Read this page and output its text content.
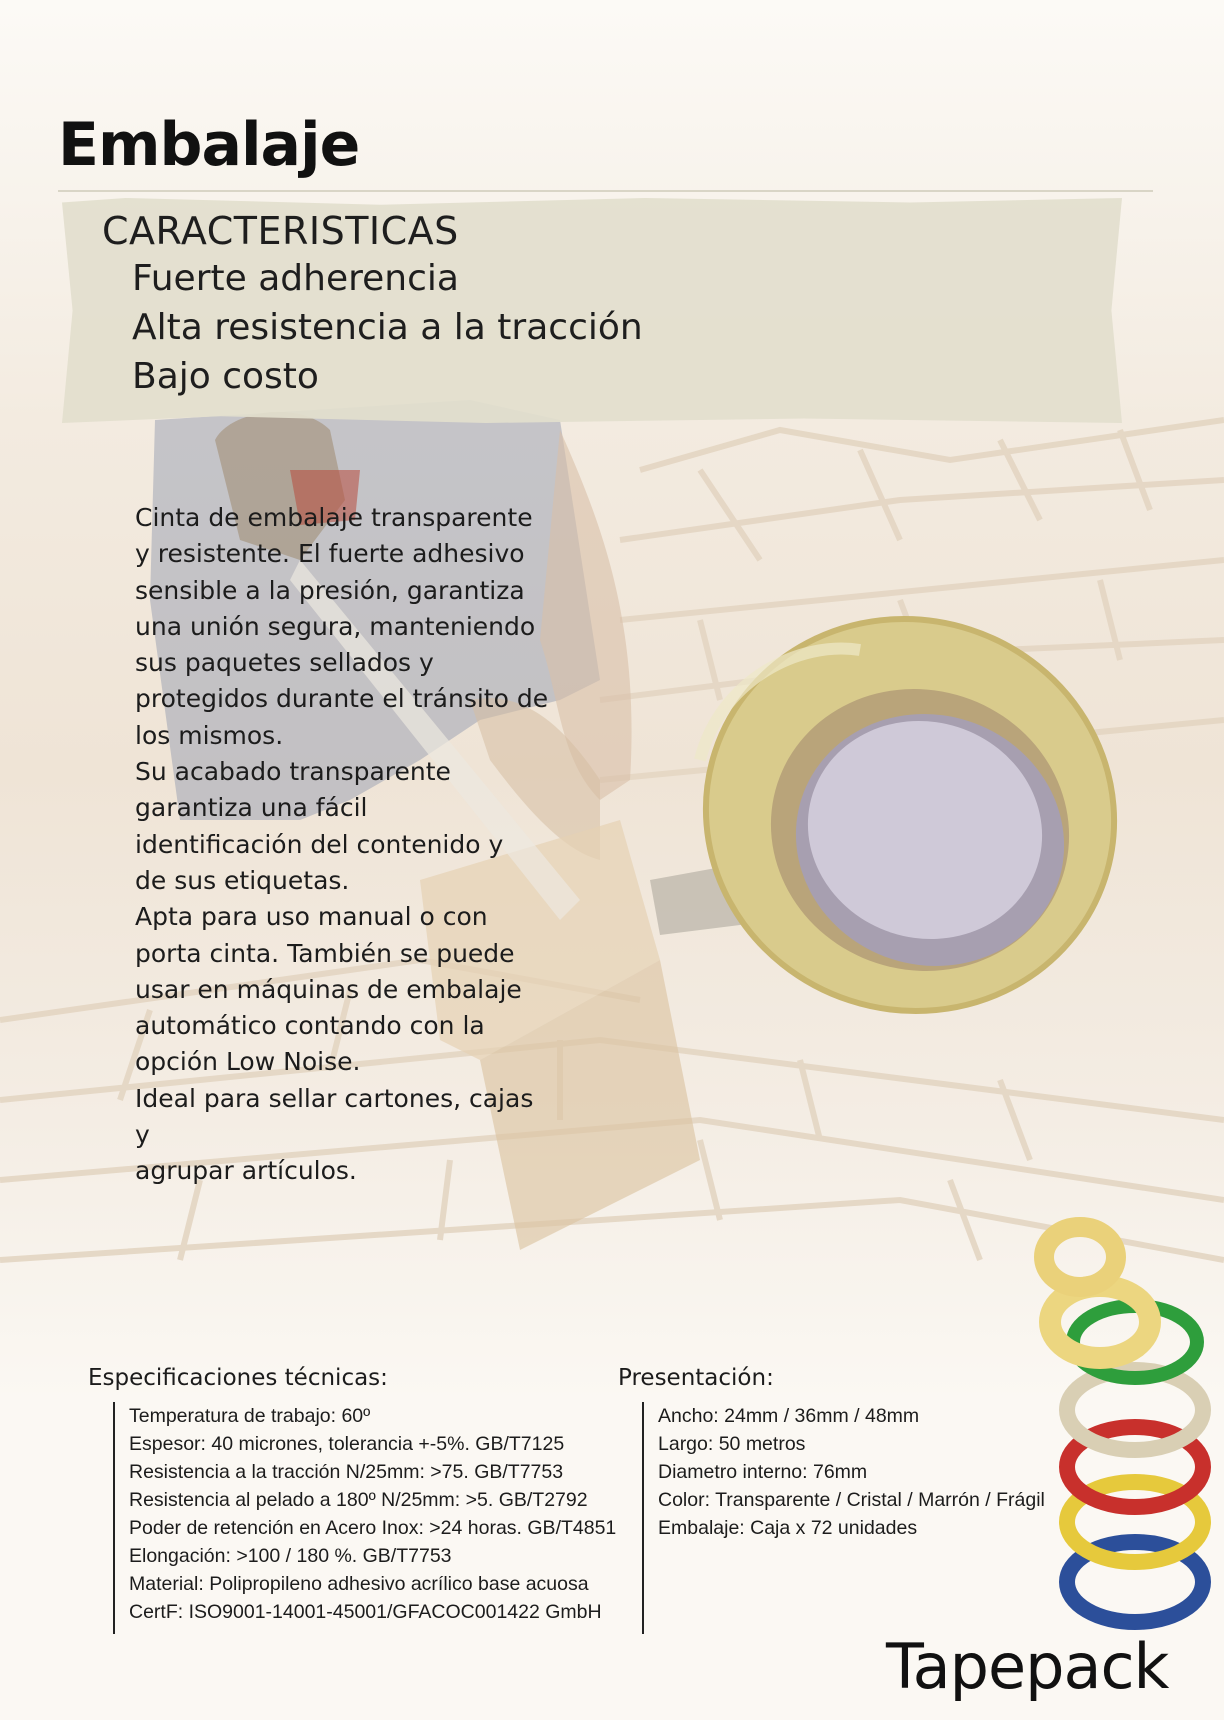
Embalaje
CARACTERISTICAS
Fuerte adherencia
Alta resistencia a la tracción
Bajo costo

Cinta de embalaje transparente

y resistente. El fuerte adhesivo

sensible a la presión, garantiza

una unión segura, manteniendo

sus paquetes sellados y

protegidos durante el tránsito de

los mismos.

Su acabado transparente

garantiza una fácil

identificación del contenido y

de sus etiquetas.

Apta para uso manual o con

porta cinta. También se puede

usar en máquinas de embalaje

automático contando con la

opción Low Noise.

Ideal para sellar cartones, cajas y

agrupar artículos.

Especificaciones técnicas:
Temperatura de trabajo: 60º
Espesor: 40 micrones, tolerancia +-5%. GB/T7125
Resistencia a la tracción N/25mm: >75. GB/T7753
Resistencia al pelado a 180º N/25mm: >5. GB/T2792
Poder de retención en Acero Inox: >24 horas. GB/T4851
Elongación: >100 / 180 %. GB/T7753
Material: Polipropileno adhesivo acrílico base acuosa
CertF: ISO9001-14001-45001/GFACOC001422 GmbH
Presentación:
Ancho: 24mm / 36mm / 48mm
Largo: 50 metros
Diametro interno: 76mm
Color: Transparente / Cristal / Marrón / Frágil
Embalaje: Caja x 72 unidades
Tapepack
